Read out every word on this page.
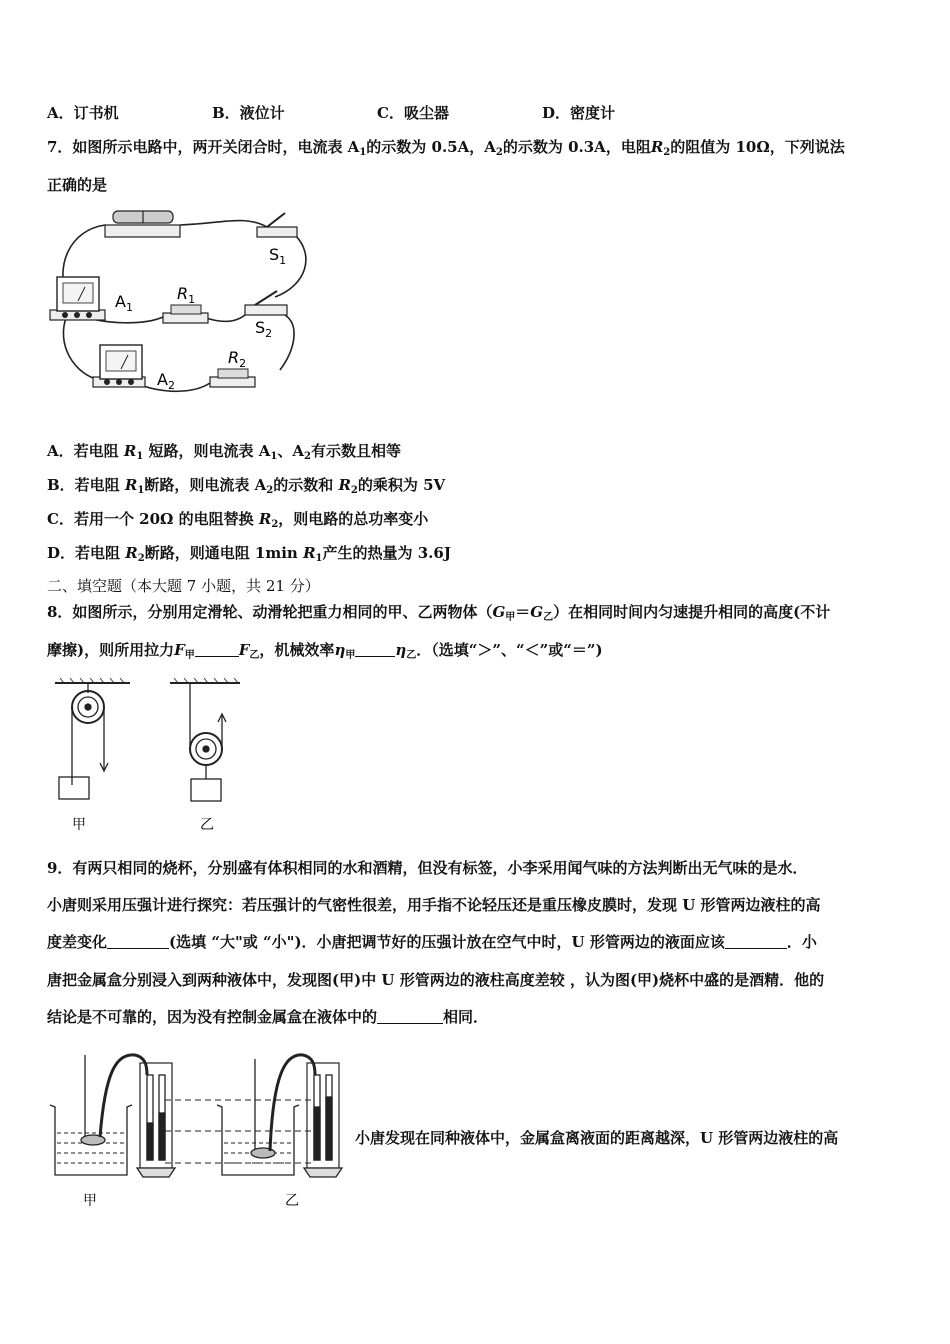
A．订书机	B．液位计	C．吸尘器	D．密度计
7．如图所示电路中，两开关闭合时，电流表 $A_1$的示数为 0.5A，$A_2$的示数为 0.3A，电阻$R_2$的阻值为 10Ω，下列说法
正确的是
$S_1$
$A_1$
$R_1$
$S_2$
$A_2$
$R_2$
A．若电阻 $R_1$ 短路，则电流表 $A_1$、$A_2$有示数且相等
B．若电阻 $R_1$断路，则电流表 $A_2$的示数和 $R_2$的乘积为 5V
C．若用一个 20Ω 的电阻替换 $R_2$，则电路的总功率变小
D．若电阻 $R_2$断路，则通电阻 1min $R_1$产生的热量为 3.6J
二、填空题（本大题 7 小题，共 21 分）
8．如图所示，分别用定滑轮、动滑轮把重力相同的甲、乙两物体$(G_甲=G_乙)$在相同时间内匀速提升相同的高度(不计
摩擦)，则所用拉力$F_甲$	$F_乙$，机械效率$\eta_甲$	$\eta_乙$．（选填“＞”、“＜”或“＝”)
甲	乙
9．有两只相同的烧杯，分别盛有体积相同的水和酒精，但没有标签，小李采用闻气味的方法判断出无气味的是水．
小唐则采用压强计进行探究：若压强计的气密性很差，用手指不论轻压还是重压橡皮膜时，发现 U 形管两边液柱的高
度差变化	(选填 “大"或 “小")．小唐把调节好的压强计放在空气中时，U 形管两边的液面应该	．小
唐把金属盒分别浸入到两种液体中，发现图(甲)中 U 形管两边的液柱高度差较 ，认为图(甲)烧杯中盛的是酒精．他的
结论是不可靠的，因为没有控制金属盒在液体中的	相同．
甲	乙
小唐发现在同种液体中，金属盒离液面的距离越深，U 形管两边液柱的高
